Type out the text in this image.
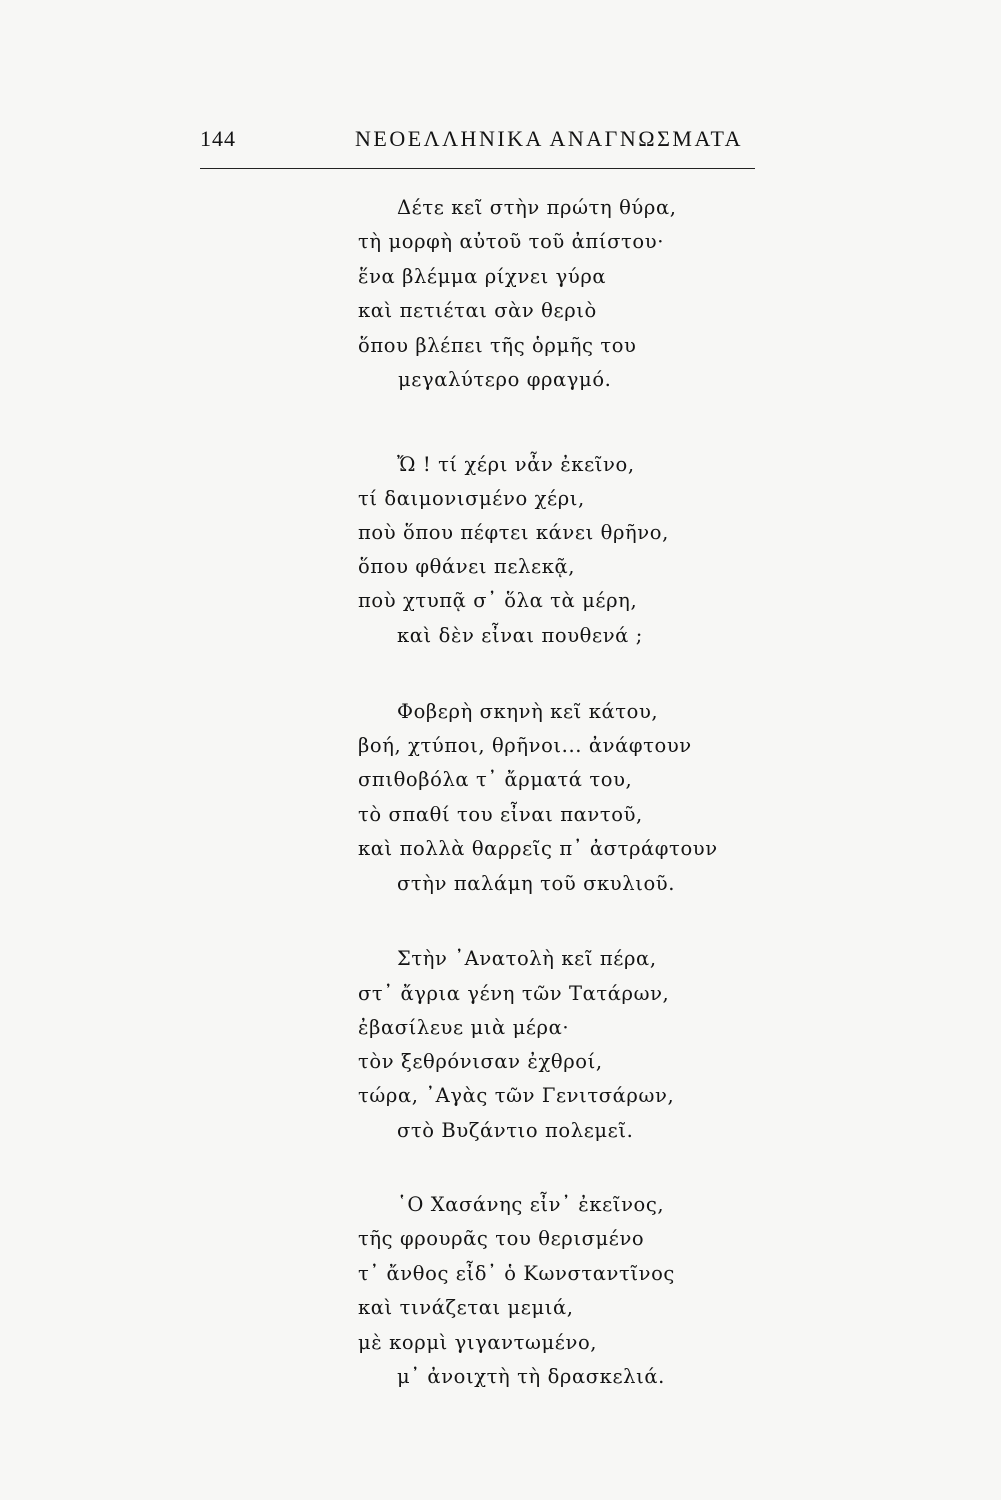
144	ΝΕΟΕΛΛΗΝΙΚΑ ΑΝΑΓΝΩΣΜΑΤΑ
Δέτε κεῖ στὴν πρώτη θύρα,
τὴ μορφὴ αὐτοῦ τοῦ ἀπίστου·
ἕνα βλέμμα ρίχνει γύρα
καὶ πετιέται σὰν θεριὸ
ὅπου βλέπει τῆς ὁρμῆς του
μεγαλύτερο φραγμό.
Ὤ ! τί χέρι νἆν ἐκεῖνο,
τί δαιμονισμένο χέρι,
ποὺ ὅπου πέφτει κάνει θρῆνο,
ὅπου φθάνει πελεκᾷ,
ποὺ χτυπᾷ σ᾽ ὅλα τὰ μέρη,
καὶ δὲν εἶναι πουθενά ;
Φοβερὴ σκηνὴ κεῖ κάτου,
βοή, χτύποι, θρῆνοι... ἀνάφτουν
σπιθοβόλα τ᾽ ἄρματά του,
τὸ σπαθί του εἶναι παντοῦ,
καὶ πολλὰ θαρρεῖς π᾽ ἀστράφτουν
στὴν παλάμη τοῦ σκυλιοῦ.
Στὴν ᾽Ανατολὴ κεῖ πέρα,
στ᾽ ἄγρια γένη τῶν Τατάρων,
ἐβασίλευε μιὰ μέρα·
τὸν ξεθρόνισαν ἐχθροί,
τώρα, ᾽Αγὰς τῶν Γενιτσάρων,
στὸ Βυζάντιο πολεμεῖ.
῾Ο Χασάνης εἶν᾽ ἐκεῖνος,
τῆς φρουρᾶς του θερισμένο
τ᾽ ἄνθος εἶδ᾽ ὁ Κωνσταντῖνος
καὶ τινάζεται μεμιά,
μὲ κορμὶ γιγαντωμένο,
μ᾽ ἀνοιχτὴ τὴ δρασκελιά.
